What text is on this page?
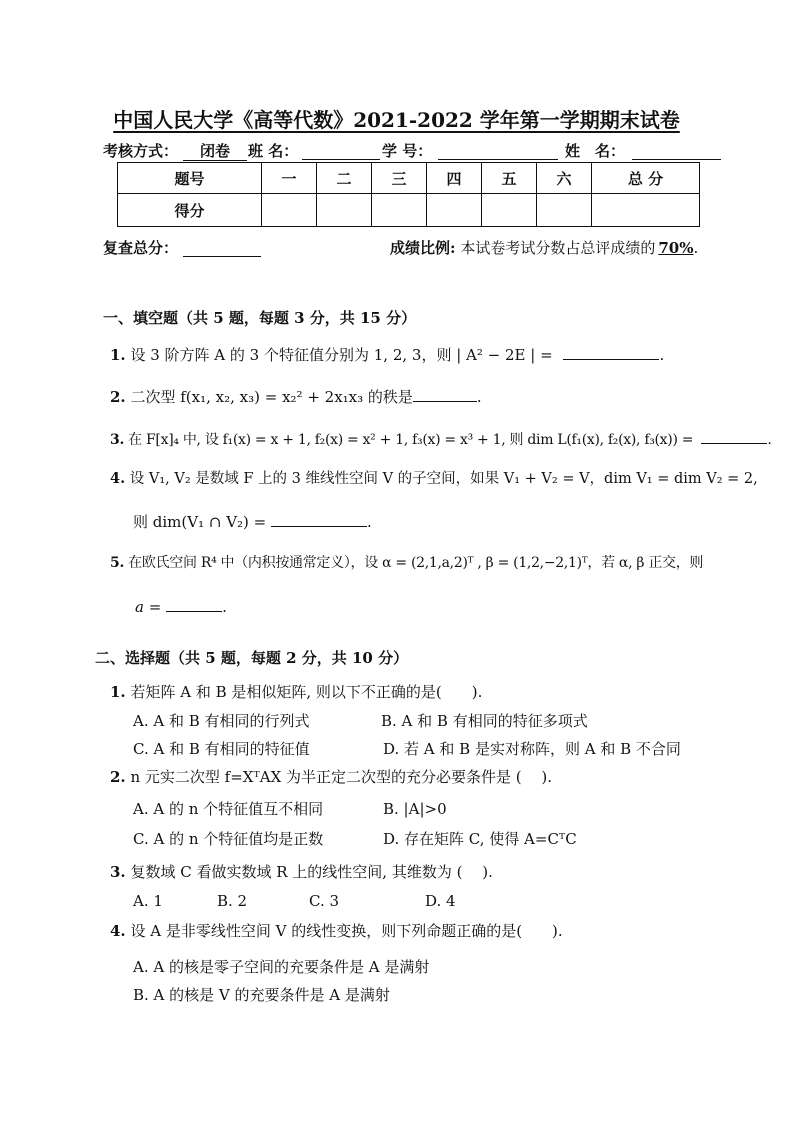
中国人民大学《高等代数》2021-2022 学年第一学期期末试卷
考核方式：	闭卷	班 名：	学 号：	姓　名：
题号	一	二	三	四	五	六	总 分
得分							
复查总分：	成绩比例: 本试卷考试分数占总评成绩的 70%.
一、填空题（共 5 题，每题 3 分，共 15 分）
1. 设 3 阶方阵 A 的 3 个特征值分别为 1, 2, 3，则 | A² − 2E | =	.
2. 二次型 f(x₁, x₂, x₃) = x₂² + 2x₁x₃ 的秩是	.
3. 在 F[x]₄ 中, 设 f₁(x) = x + 1, f₂(x) = x² + 1, f₃(x) = x³ + 1, 则 dim L(f₁(x), f₂(x), f₃(x)) =	.
4. 设 V₁, V₂ 是数域 F 上的 3 维线性空间 V 的子空间，如果 V₁ + V₂ = V，dim V₁ = dim V₂ = 2,
则 dim(V₁ ∩ V₂) =	.
5. 在欧氏空间 R⁴ 中（内积按通常定义），设 α = (2,1,a,2)ᵀ , β = (1,2,−2,1)ᵀ，若 α, β 正交，则
a =	.
二、选择题（共 5 题，每题 2 分，共 10 分）
1. 若矩阵 A 和 B 是相似矩阵, 则以下不正确的是(　　).
A. A 和 B 有相同的行列式	B. A 和 B 有相同的特征多项式
C. A 和 B 有相同的特征值	D. 若 A 和 B 是实对称阵，则 A 和 B 不合同
2. n 元实二次型 f=XᵀAX 为半正定二次型的充分必要条件是 (　 ).
A. A 的 n 个特征值互不相同	B. |A|>0
C. A 的 n 个特征值均是正数	D. 存在矩阵 C, 使得 A=CᵀC
3. 复数域 C 看做实数域 R 上的线性空间, 其维数为 (　 ).
A. 1	B. 2	C. 3	D. 4
4. 设 A 是非零线性空间 V 的线性变换，则下列命题正确的是(　　).
A. A 的核是零子空间的充要条件是 A 是满射
B. A 的核是 V 的充要条件是 A 是满射
